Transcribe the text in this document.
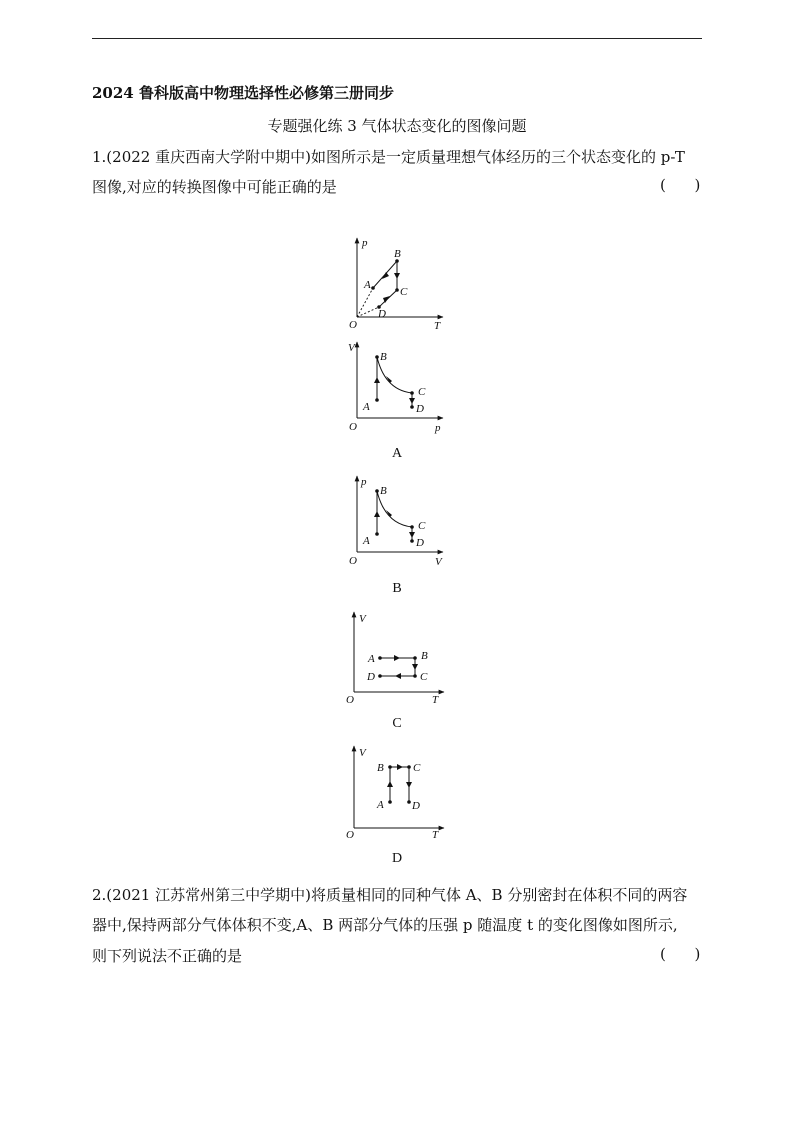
2024 鲁科版高中物理选择性必修第三册同步
专题强化练 3 气体状态变化的图像问题
1.(2022 重庆西南大学附中期中)如图所示是一定质量理想气体经历的三个状态变化的 p-T
图像,对应的转换图像中可能正确的是	(      )
p
T
O
A
B
C
D
V
p
O
A
B
C
D
A
p
V
O
A
B
C
D
B
V
T
O
A	B
C
D
C
V
T
O
A
B	C
D
D
2.(2021 江苏常州第三中学期中)将质量相同的同种气体 A、B 分别密封在体积不同的两容
器中,保持两部分气体体积不变,A、B 两部分气体的压强 p 随温度 t 的变化图像如图所示,
则下列说法不正确的是	(      )
